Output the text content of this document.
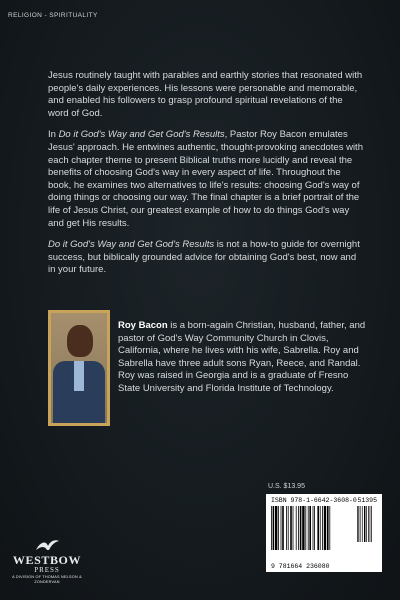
RELIGION - SPIRITUALITY

Jesus routinely taught with parables and earthly stories that resonated with people's daily experiences. His lessons were personable and memorable, and enabled his followers to grasp profound spiritual revelations of the word of God.

In Do it God's Way and Get God's Results, Pastor Roy Bacon emulates Jesus' approach. He entwines authentic, thought-provoking anecdotes with each chapter theme to present Biblical truths more lucidly and reveal the benefits of choosing God's way in every aspect of life. Throughout the book, he examines two alternatives to life's results: choosing God's way of doing things or choosing our way. The final chapter is a brief portrait of the life of Jesus Christ, our greatest example of how to do things God's way and get His results.

Do it God's Way and Get God's Results is not a how-to guide for overnight success, but biblically grounded advice for obtaining God's best, now and in your future.

Roy Bacon is a born-again Christian, husband, father, and pastor of God's Way Community Church in Clovis, California, where he lives with his wife, Sabrella. Roy and Sabrella have three adult sons Ryan, Reece, and Randal. Roy was raised in Georgia and is a graduate of Fresno State University and Florida Institute of Technology.
U.S. $13.95
ISBN 978-1-6642-3608-0 51395
9 781664 236080
WESTBOW
PRESS
A DIVISION OF THOMAS NELSON & ZONDERVAN
